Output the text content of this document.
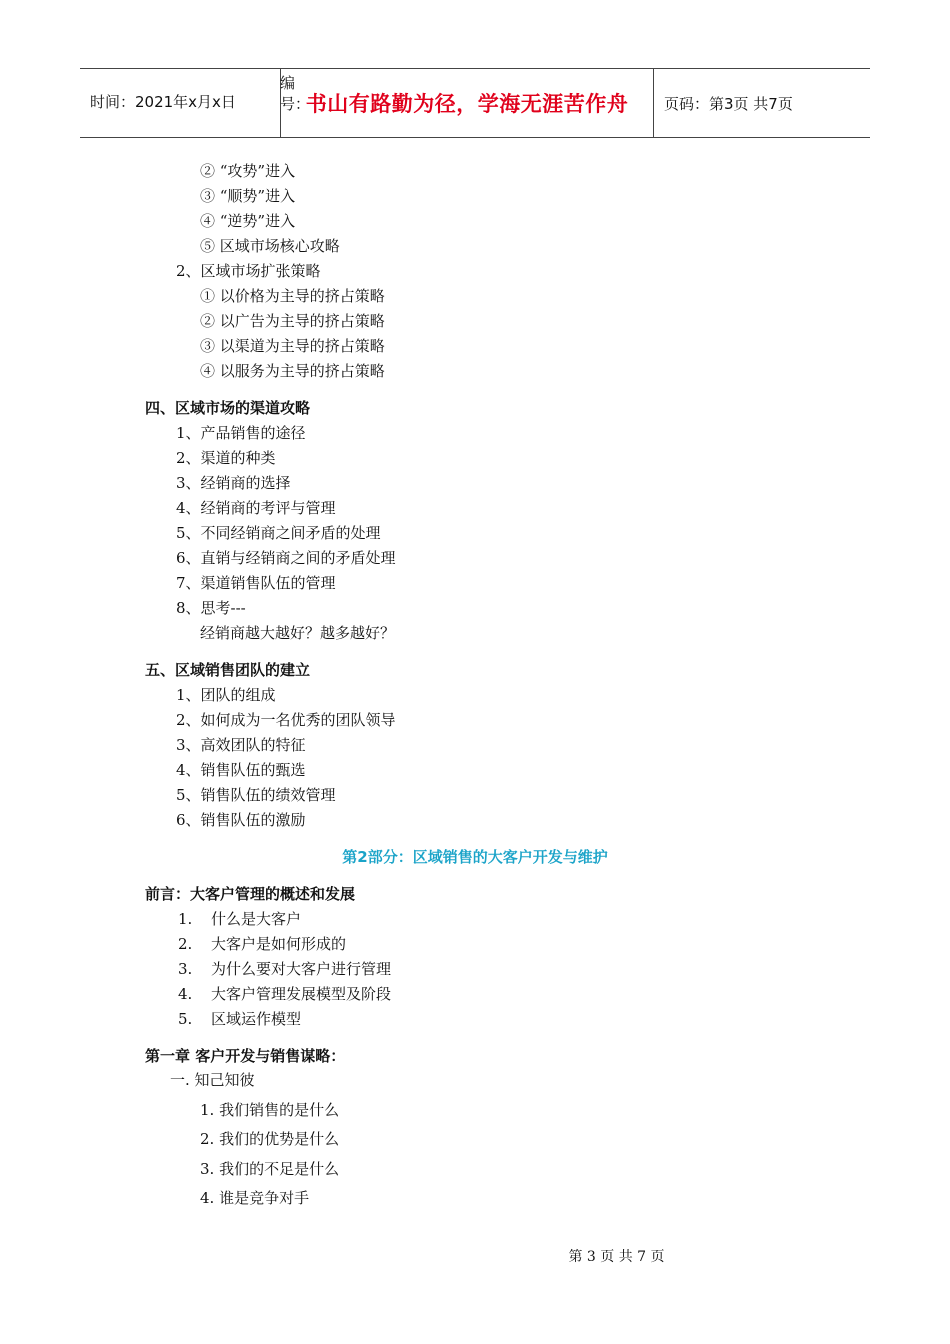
编号：
时间：2021年x月x日	书山有路勤为径，学海无涯苦作舟 页码：第3页 共7页
② “攻势”进入
③ “顺势”进入
④ “逆势”进入
⑤ 区域市场核心攻略
2、区域市场扩张策略
① 以价格为主导的挤占策略
② 以广告为主导的挤占策略
③ 以渠道为主导的挤占策略
④ 以服务为主导的挤占策略
四、区域市场的渠道攻略
1、产品销售的途径
2、渠道的种类
3、经销商的选择
4、经销商的考评与管理
5、不同经销商之间矛盾的处理
6、直销与经销商之间的矛盾处理
7、渠道销售队伍的管理
8、思考---
经销商越大越好？越多越好？
五、区域销售团队的建立
1、团队的组成
2、如何成为一名优秀的团队领导
3、高效团队的特征
4、销售队伍的甄选
5、销售队伍的绩效管理
6、销售队伍的激励
第2部分：区域销售的大客户开发与维护
前言：大客户管理的概述和发展
1. 什么是大客户
2. 大客户是如何形成的
3. 为什么要对大客户进行管理
4. 大客户管理发展模型及阶段
5. 区域运作模型
第一章 客户开发与销售谋略：
一. 知己知彼
1. 我们销售的是什么
2. 我们的优势是什么
3. 我们的不足是什么
4. 谁是竞争对手
第 3 页 共 7 页
